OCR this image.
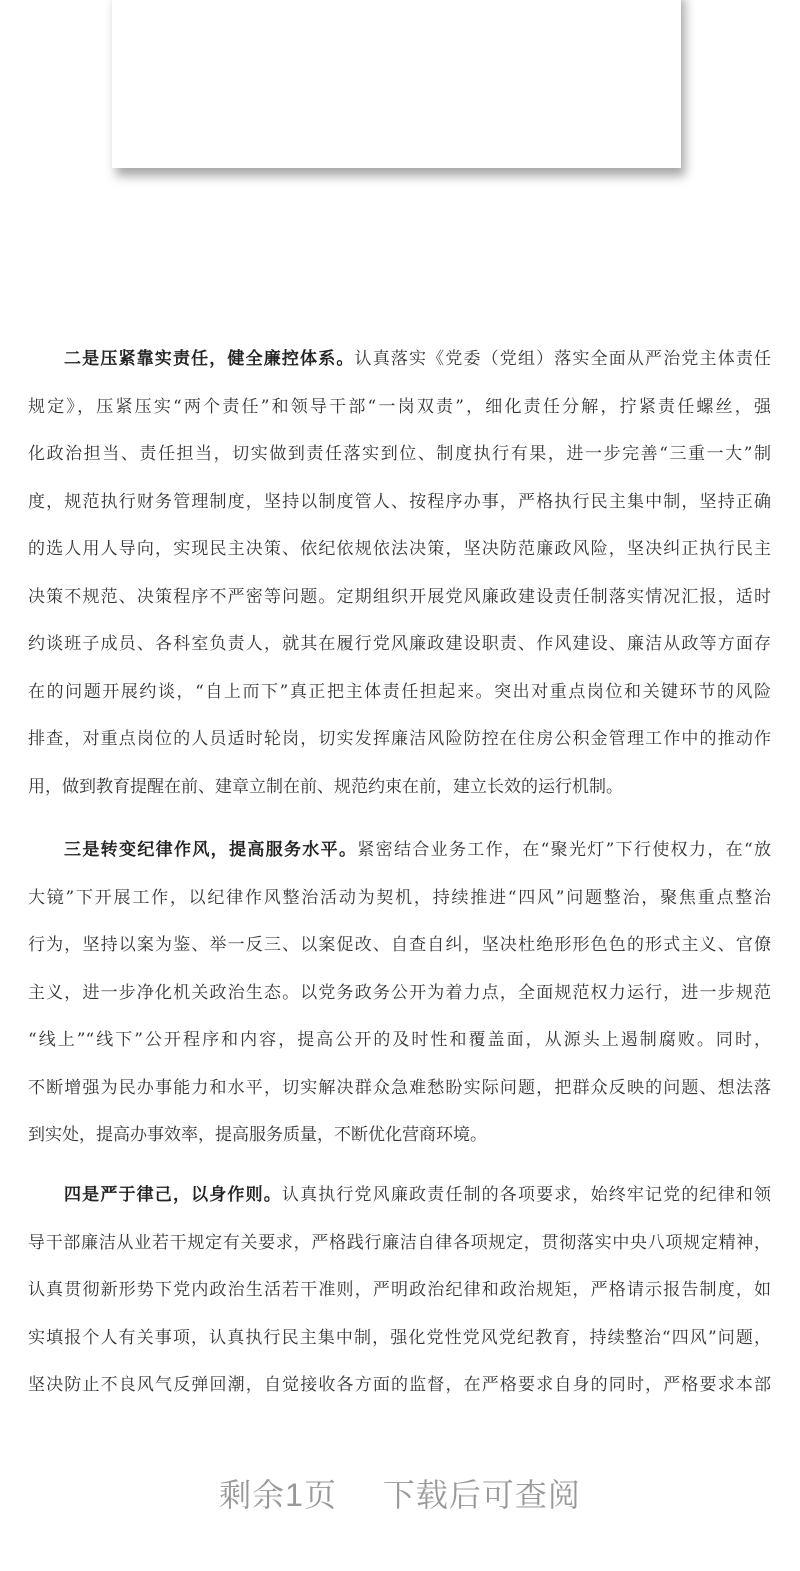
二是压紧靠实责任，健全廉控体系。认真落实《党委（党组）落实全面从严治党主体责任
规定》，压紧压实“两个责任”和领导干部“一岗双责”，细化责任分解，拧紧责任螺丝，强
化政治担当、责任担当，切实做到责任落实到位、制度执行有果，进一步完善“三重一大”制
度，规范执行财务管理制度，坚持以制度管人、按程序办事，严格执行民主集中制，坚持正确
的选人用人导向，实现民主决策、依纪依规依法决策，坚决防范廉政风险，坚决纠正执行民主
决策不规范、决策程序不严密等问题。定期组织开展党风廉政建设责任制落实情况汇报，适时
约谈班子成员、各科室负责人，就其在履行党风廉政建设职责、作风建设、廉洁从政等方面存
在的问题开展约谈，“自上而下”真正把主体责任担起来。突出对重点岗位和关键环节的风险
排查，对重点岗位的人员适时轮岗，切实发挥廉洁风险防控在住房公积金管理工作中的推动作
用，做到教育提醒在前、建章立制在前、规范约束在前，建立长效的运行机制。
三是转变纪律作风，提高服务水平。紧密结合业务工作，在“聚光灯”下行使权力，在“放
大镜”下开展工作，以纪律作风整治活动为契机，持续推进“四风”问题整治，聚焦重点整治
行为，坚持以案为鉴、举一反三、以案促改、自查自纠，坚决杜绝形形色色的形式主义、官僚
主义，进一步净化机关政治生态。以党务政务公开为着力点，全面规范权力运行，进一步规范
“线上”“线下”公开程序和内容，提高公开的及时性和覆盖面，从源头上遏制腐败。同时，
不断增强为民办事能力和水平，切实解决群众急难愁盼实际问题，把群众反映的问题、想法落
到实处，提高办事效率，提高服务质量，不断优化营商环境。
四是严于律己，以身作则。认真执行党风廉政责任制的各项要求，始终牢记党的纪律和领
导干部廉洁从业若干规定有关要求，严格践行廉洁自律各项规定，贯彻落实中央八项规定精神，
认真贯彻新形势下党内政治生活若干准则，严明政治纪律和政治规矩，严格请示报告制度，如
实填报个人有关事项，认真执行民主集中制，强化党性党风党纪教育，持续整治“四风”问题，
坚决防止不良风气反弹回潮，自觉接收各方面的监督，在严格要求自身的同时，严格要求本部
剩余1页 下载后可查阅
